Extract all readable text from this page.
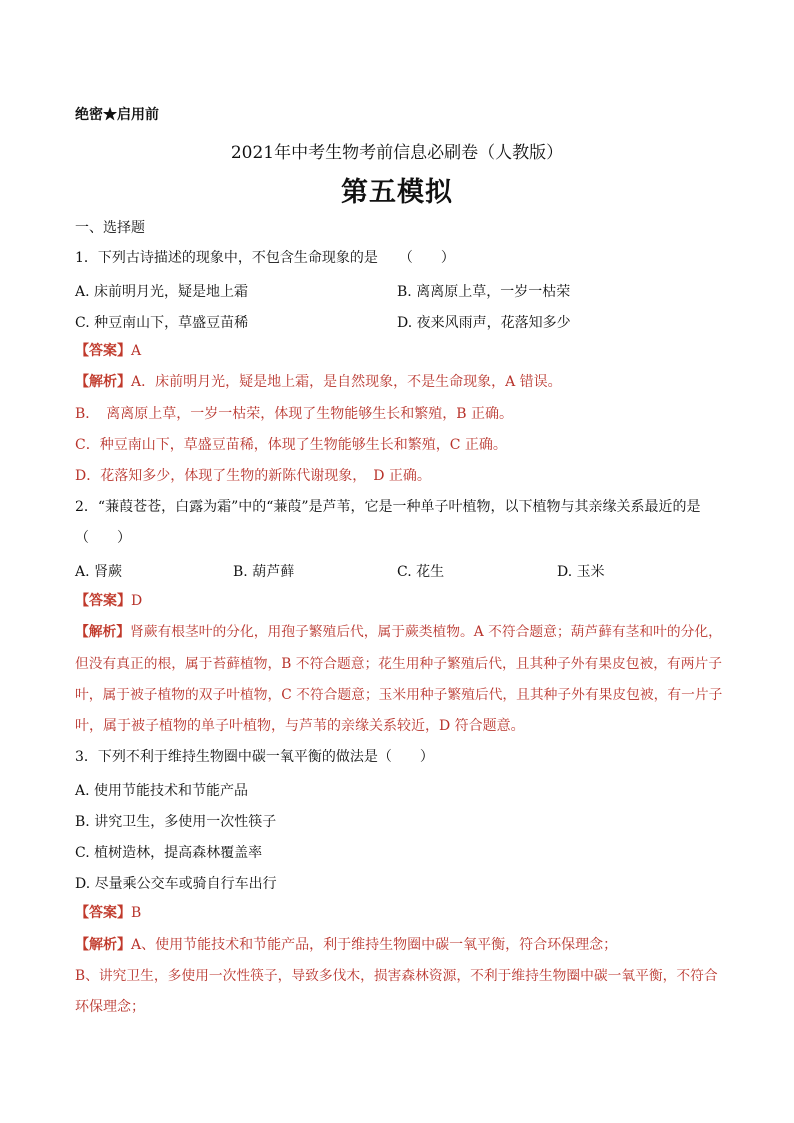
绝密★启用前
2021年中考生物考前信息必刷卷（人教版）
第五模拟
一、选择题
1．下列古诗描述的现象中，不包含生命现象的是　　（　　）
A. 床前明月光，疑是地上霜	B. 离离原上草，一岁一枯荣
C. 种豆南山下，草盛豆苗稀	D. 夜来风雨声，花落知多少
【答案】A
【解析】A．床前明月光，疑是地上霜，是自然现象，不是生命现象，A 错误。
B．　离离原上草，一岁一枯荣，体现了生物能够生长和繁殖，B 正确。
C．种豆南山下，草盛豆苗稀，体现了生物能够生长和繁殖，C 正确。
D．花落知多少，体现了生物的新陈代谢现象，　D 正确。
2．“蒹葭苍苍，白露为霜”中的“蒹葭”是芦苇，它是一种单子叶植物，以下植物与其亲缘关系最近的是
（　　）
A. 肾蕨	B. 葫芦藓	C. 花生	D. 玉米
【答案】D
【解析】肾蕨有根茎叶的分化，用孢子繁殖后代，属于蕨类植物。A 不符合题意；葫芦藓有茎和叶的分化，
但没有真正的根，属于苔藓植物，B 不符合题意；花生用种子繁殖后代，且其种子外有果皮包被，有两片子
叶，属于被子植物的双子叶植物，C 不符合题意；玉米用种子繁殖后代，且其种子外有果皮包被，有一片子
叶，属于被子植物的单子叶植物，与芦苇的亲缘关系较近，D 符合题意。
3．下列不利于维持生物圈中碳一氧平衡的做法是（　　）
A. 使用节能技术和节能产品
B. 讲究卫生，多使用一次性筷子
C. 植树造林，提高森林覆盖率
D. 尽量乘公交车或骑自行车出行
【答案】B
【解析】A、使用节能技术和节能产品，利于维持生物圈中碳一氧平衡，符合环保理念；
B、讲究卫生，多使用一次性筷子，导致多伐木，损害森林资源，不利于维持生物圈中碳一氧平衡，不符合
环保理念；
